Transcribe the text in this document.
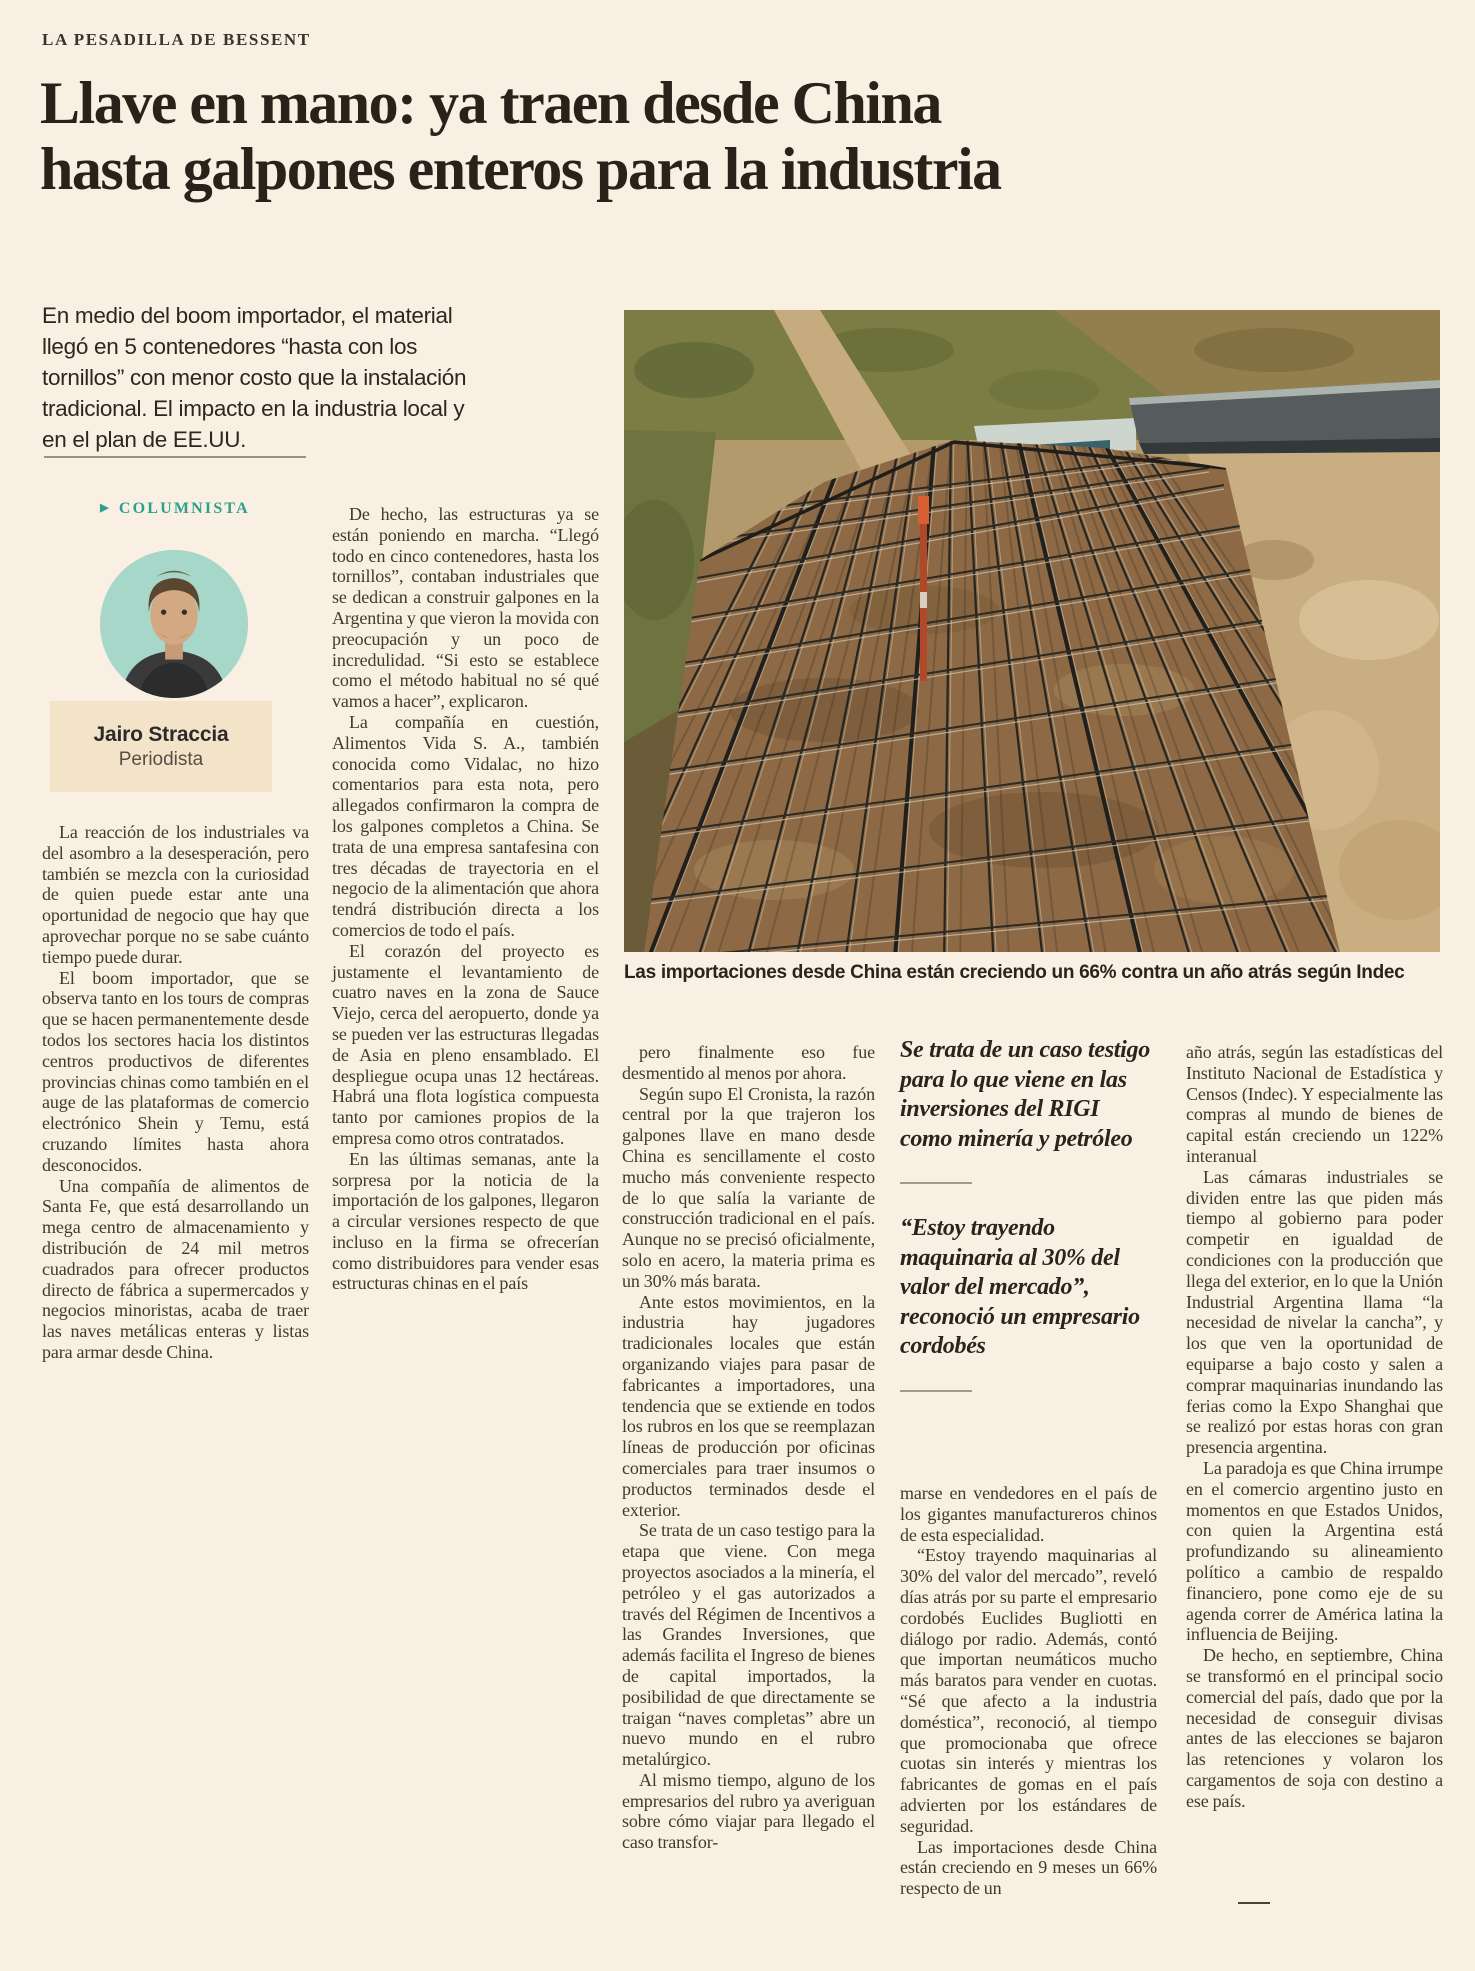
LA PESADILLA DE BESSENT
Llave en mano: ya traen desde China
hasta galpones enteros para la industria

En medio del boom importador, el material llegó en 5 contenedores “hasta con los tornillos” con menor costo que la instalación tradicional. El impacto en la industria local y en el plan de EE.UU.

▶ COLUMNISTA
Jairo Straccia
Periodista

La reacción de los industriales va del asombro a la desesperación, pero también se mezcla con la curiosidad de quien puede estar ante una oportunidad de negocio que hay que aprovechar porque no se sabe cuánto tiempo puede durar.

El boom importador, que se observa tanto en los tours de compras que se hacen permanentemente desde todos los sectores hacia los distintos centros productivos de diferentes provincias chinas como también en el auge de las plataformas de comercio electrónico Shein y Temu, está cruzando límites hasta ahora desconocidos.

Una compañía de alimentos de Santa Fe, que está desarrollando un mega centro de almacenamiento y distribución de 24 mil metros cuadrados para ofrecer productos directo de fábrica a supermercados y negocios minoristas, acaba de traer las naves metálicas enteras y listas para armar desde China.

De hecho, las estructuras ya se están poniendo en marcha. “Llegó todo en cinco contenedores, hasta los tornillos”, contaban industriales que se dedican a construir galpones en la Argentina y que vieron la movida con preocupación y un poco de incredulidad. “Si esto se establece como el método habitual no sé qué vamos a hacer”, explicaron.

La compañía en cuestión, Alimentos Vida S. A., también conocida como Vidalac, no hizo comentarios para esta nota, pero allegados confirmaron la compra de los galpones completos a China. Se trata de una empresa santafesina con tres décadas de trayectoria en el negocio de la alimentación que ahora tendrá distribución directa a los comercios de todo el país.

El corazón del proyecto es justamente el levantamiento de cuatro naves en la zona de Sauce Viejo, cerca del aeropuerto, donde ya se pueden ver las estructuras llegadas de Asia en pleno ensamblado. El despliegue ocupa unas 12 hectáreas. Habrá una flota logística compuesta tanto por camiones propios de la empresa como otros contratados.

En las últimas semanas, ante la sorpresa por la noticia de la importación de los galpones, llegaron a circular versiones respecto de que incluso en la firma se ofrecerían como distribuidores para vender esas estructuras chinas en el país

Las importaciones desde China están creciendo un 66% contra un año atrás según Indec

pero finalmente eso fue desmentido al menos por ahora.

Según supo El Cronista, la razón central por la que trajeron los galpones llave en mano desde China es sencillamente el costo mucho más conveniente respecto de lo que salía la variante de construcción tradicional en el país. Aunque no se precisó oficialmente, solo en acero, la materia prima es un 30% más barata.

Ante estos movimientos, en la industria hay jugadores tradicionales locales que están organizando viajes para pasar de fabricantes a importadores, una tendencia que se extiende en todos los rubros en los que se reemplazan líneas de producción por oficinas comerciales para traer insumos o productos terminados desde el exterior.

Se trata de un caso testigo para la etapa que viene. Con mega proyectos asociados a la minería, el petróleo y el gas autorizados a través del Régimen de Incentivos a las Grandes Inversiones, que además facilita el Ingreso de bienes de capital importados, la posibilidad de que directamente se traigan “naves completas” abre un nuevo mundo en el rubro metalúrgico.

Al mismo tiempo, alguno de los empresarios del rubro ya averiguan sobre cómo viajar para llegado el caso transfor-

Se trata de un caso testigo para lo que viene en las inversiones del RIGI como minería y petróleo
“Estoy trayendo maquinaria al 30% del valor del mercado”, reconoció un empresario cordobés

marse en vendedores en el país de los gigantes manufactureros chinos de esta especialidad.

“Estoy trayendo maquinarias al 30% del valor del mercado”, reveló días atrás por su parte el empresario cordobés Euclides Bugliotti en diálogo por radio. Además, contó que importan neumáticos mucho más baratos para vender en cuotas. “Sé que afecto a la industria doméstica”, reconoció, al tiempo que promocionaba que ofrece cuotas sin interés y mientras los fabricantes de gomas en el país advierten por los estándares de seguridad.

Las importaciones desde China están creciendo en 9 meses un 66% respecto de un

año atrás, según las estadísticas del Instituto Nacional de Estadística y Censos (Indec). Y especialmente las compras al mundo de bienes de capital están creciendo un 122% interanual

Las cámaras industriales se dividen entre las que piden más tiempo al gobierno para poder competir en igualdad de condiciones con la producción que llega del exterior, en lo que la Unión Industrial Argentina llama “la necesidad de nivelar la cancha”, y los que ven la oportunidad de equiparse a bajo costo y salen a comprar maquinarias inundando las ferias como la Expo Shanghai que se realizó por estas horas con gran presencia argentina.

La paradoja es que China irrumpe en el comercio argentino justo en momentos en que Estados Unidos, con quien la Argentina está profundizando su alineamiento político a cambio de respaldo financiero, pone como eje de su agenda correr de América latina la influencia de Beijing.

De hecho, en septiembre, China se transformó en el principal socio comercial del país, dado que por la necesidad de conseguir divisas antes de las elecciones se bajaron las retenciones y volaron los cargamentos de soja con destino a ese país.
